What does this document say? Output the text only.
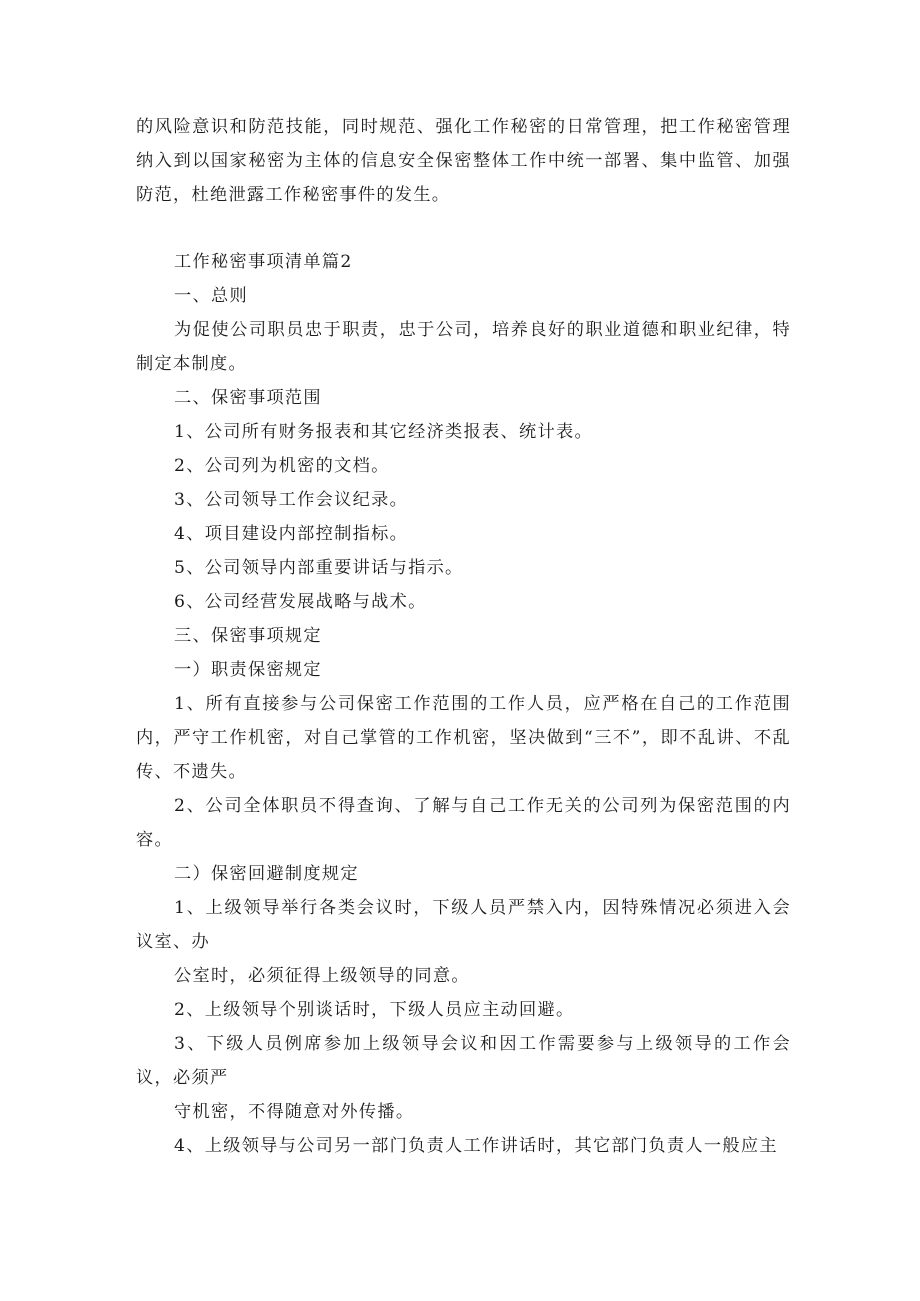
的风险意识和防范技能，同时规范、强化工作秘密的日常管理，把工作秘密管理纳入到以国家秘密为主体的信息安全保密整体工作中统一部署、集中监管、加强防范，杜绝泄露工作秘密事件的发生。

工作秘密事项清单篇2

一、总则

为促使公司职员忠于职责，忠于公司，培养良好的职业道德和职业纪律，特制定本制度。

二、保密事项范围

1、公司所有财务报表和其它经济类报表、统计表。

2、公司列为机密的文档。

3、公司领导工作会议纪录。

4、项目建设内部控制指标。

5、公司领导内部重要讲话与指示。

6、公司经营发展战略与战术。

三、保密事项规定

一）职责保密规定

1、所有直接参与公司保密工作范围的工作人员，应严格在自己的工作范围内，严守工作机密，对自己掌管的工作机密，坚决做到“三不”，即不乱讲、不乱传、不遗失。

2、公司全体职员不得查询、了解与自己工作无关的公司列为保密范围的内容。

二）保密回避制度规定

1、上级领导举行各类会议时，下级人员严禁入内，因特殊情况必须进入会议室、办

公室时，必须征得上级领导的同意。

2、上级领导个别谈话时，下级人员应主动回避。

3、下级人员例席参加上级领导会议和因工作需要参与上级领导的工作会议，必须严

守机密，不得随意对外传播。

4、上级领导与公司另一部门负责人工作讲话时，其它部门负责人一般应主
